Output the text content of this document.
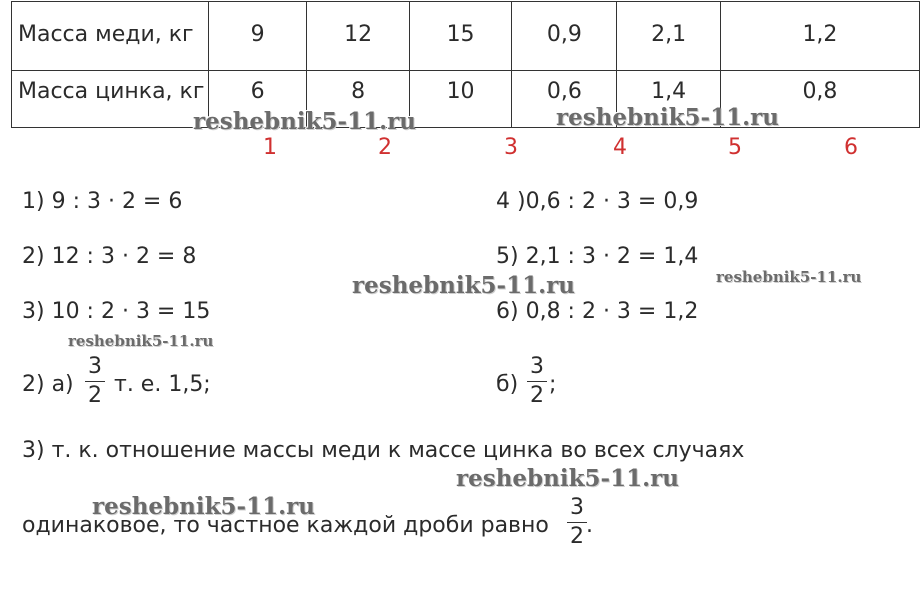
Масса меди, кг	9	12	15	0,9	2,1	1,2
Масса цинка, кг	6	8	10	0,6	1,4	0,8
1	2	3	4	5	6
1) 9 : 3 · 2 = 6
2) 12 : 3 · 2 = 8
3) 10 : 2 · 3 = 15
4 )0,6 : 2 · 3 = 0,9
5) 2,1 : 3 · 2 = 1,4
6) 0,8 : 2 · 3 = 1,2
2) а)
3
2 т. е. 1,5;	б)
3
2 ;
3) т. к. отношение массы меди к массе цинка во всех случаях
одинаковое, то частное каждой дроби равно
3
2 .
reshebnik5-11.ru	reshebnik5-11.ru
reshebnik5-11.ru	reshebnik5-11.ru
reshebnik5-11.ru
reshebnik5-11.ru
reshebnik5-11.ru
